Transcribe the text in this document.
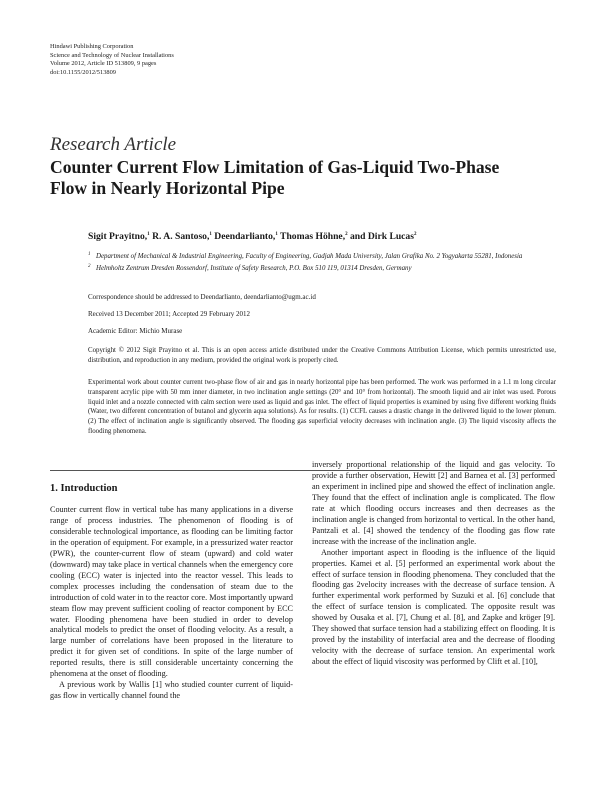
Hindawi Publishing Corporation
Science and Technology of Nuclear Installations
Volume 2012, Article ID 513809, 9 pages
doi:10.1155/2012/513809
Research Article
Counter Current Flow Limitation of Gas-Liquid Two-Phase
Flow in Nearly Horizontal Pipe
Sigit Prayitno,$^1$ R. A. Santoso,$^1$ Deendarlianto,$^1$ Thomas Höhne,$^2$ and Dirk Lucas$^2$
1 Department of Mechanical & Industrial Engineering, Faculty of Engineering, Gadjah Mada University, Jalan Grafika No. 2 Yogyakarta 55281, Indonesia
2 Helmholtz Zentrum Dresden Rossendorf, Institute of Safety Research, P.O. Box 510 119, 01314 Dresden, Germany
Correspondence should be addressed to Deendarlianto, deendarlianto@ugm.ac.id
Received 13 December 2011; Accepted 29 February 2012
Academic Editor: Michio Murase
Copyright © 2012 Sigit Prayitno et al. This is an open access article distributed under the Creative Commons Attribution License, which permits unrestricted use, distribution, and reproduction in any medium, provided the original work is properly cited.
Experimental work about counter current two-phase flow of air and gas in nearly horizontal pipe has been performed. The work was performed in a 1.1 m long circular transparent acrylic pipe with 50 mm inner diameter, in two inclination angle settings (20° and 10° from horizontal). The smooth liquid and air inlet was used. Porous liquid inlet and a nozzle connected with calm section were used as liquid and gas inlet. The effect of liquid properties is examined by using five different working fluids (Water, two different concentration of butanol and glycerin aqua solutions). As for results. (1) CCFL causes a drastic change in the delivered liquid to the lower plenum. (2) The effect of inclination angle is significantly observed. The flooding gas superficial velocity decreases with inclination angle. (3) The liquid viscosity affects the flooding phenomena.
1. Introduction

Counter current flow in vertical tube has many applications in a diverse range of process industries. The phenomenon of flooding is of considerable technological importance, as flooding can be limiting factor in the operation of equipment. For example, in a pressurized water reactor (PWR), the counter-current flow of steam (upward) and cold water (downward) may take place in vertical channels when the emergency core cooling (ECC) water is injected into the reactor vessel. This leads to complex processes including the condensation of steam due to the introduction of cold water in to the reactor core. Most importantly upward steam flow may prevent sufficient cooling of reactor component by ECC water. Flooding phenomena have been studied in order to develop analytical models to predict the onset of flooding velocity. As a result, a large number of correlations have been proposed in the literature to predict it for given set of conditions. In spite of the large number of reported results, there is still considerable uncertainty concerning the phenomena at the onset of flooding.

A previous work by Wallis [1] who studied counter current of liquid-gas flow in vertically channel found the

inversely proportional relationship of the liquid and gas velocity. To provide a further observation, Hewitt [2] and Barnea et al. [3] performed an experiment in inclined pipe and showed the effect of inclination angle. They found that the effect of inclination angle is complicated. The flow rate at which flooding occurs increases and then decreases as the inclination angle is changed from horizontal to vertical. In the other hand, Pantzali et al. [4] showed the tendency of the flooding gas flow rate increase with the increase of the inclination angle.

Another important aspect in flooding is the influence of the liquid properties. Kamei et al. [5] performed an experimental work about the effect of surface tension in flooding phenomena. They concluded that the flooding gas 2velocity increases with the decrease of surface tension. A further experimental work performed by Suzuki et al. [6] conclude that the effect of surface tension is complicated. The opposite result was showed by Ousaka et al. [7], Chung et al. [8], and Zapke and kröger [9]. They showed that surface tension had a stabilizing effect on flooding. It is proved by the instability of interfacial area and the decrease of flooding velocity with the decrease of surface tension. An experimental work about the effect of liquid viscosity was performed by Clift et al. [10],
